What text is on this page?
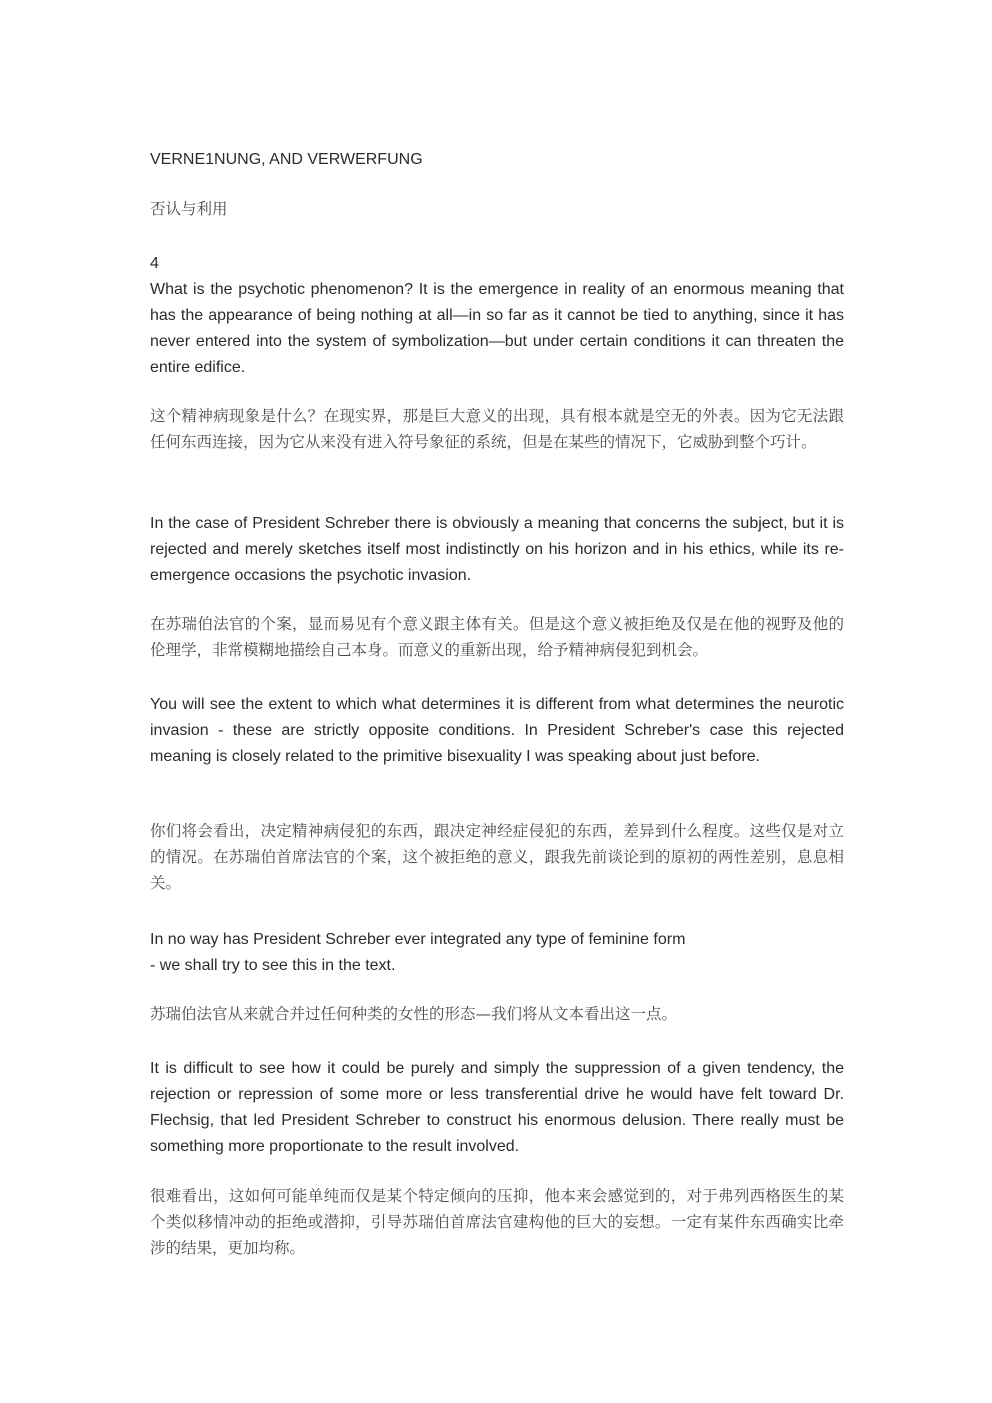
VERNE1NUNG, AND VERWERFUNG

否认与利用

4

What is the psychotic phenomenon? It is the emergence in reality of an enormous meaning that has the appearance of being nothing at all—in so far as it cannot be tied to anything, since it has never entered into the system of symbolization—but under certain conditions it can threaten the entire edifice.

这个精神病现象是什么？在现实界，那是巨大意义的出现，具有根本就是空无的外表。因为它无法跟任何东西连接，因为它从来没有进入符号象征的系统，但是在某些的情况下，它威胁到整个巧计。

In the case of President Schreber there is obviously a meaning that concerns the subject, but it is rejected and merely sketches itself most indistinctly on his horizon and in his ethics, while its re-emergence occasions the psychotic invasion.

在苏瑞伯法官的个案，显而易见有个意义跟主体有关。但是这个意义被拒绝及仅是在他的视野及他的伦理学，非常模糊地描绘自己本身。而意义的重新出现，给予精神病侵犯到机会。

You will see the extent to which what determines it is different from what determines the neurotic invasion - these are strictly opposite conditions. In President Schreber's case this rejected meaning is closely related to the primitive bisexuality I was speaking about just before.

你们将会看出，决定精神病侵犯的东西，跟决定神经症侵犯的东西，差异到什么程度。这些仅是对立的情况。在苏瑞伯首席法官的个案，这个被拒绝的意义，跟我先前谈论到的原初的两性差别，息息相关。

In no way has President Schreber ever integrated any type of feminine form

- we shall try to see this in the text.

苏瑞伯法官从来就合并过任何种类的女性的形态—我们将从文本看出这一点。

It is difficult to see how it could be purely and simply the suppression of a given tendency, the rejection or repression of some more or less transferential drive he would have felt toward Dr. Flechsig, that led President Schreber to construct his enormous delusion. There really must be something more proportionate to the result involved.

很难看出，这如何可能单纯而仅是某个特定倾向的压抑，他本来会感觉到的，对于弗列西格医生的某个类似移情冲动的拒绝或潜抑，引导苏瑞伯首席法官建构他的巨大的妄想。一定有某件东西确实比牵涉的结果，更加均称。
